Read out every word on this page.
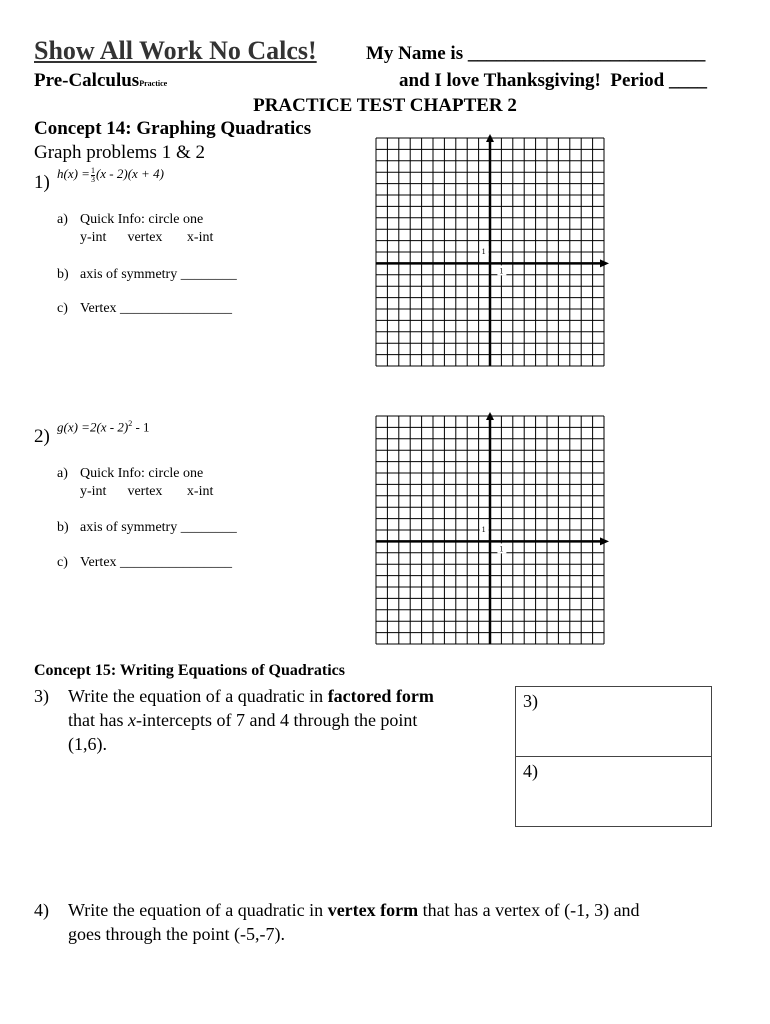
Show All Work No Calcs!	My Name is _________________________
Pre-CalculusPractice	and I love Thanksgiving! Period ____
PRACTICE TEST CHAPTER 2
Concept 14: Graphing Quadratics
Graph problems 1 & 2
1) $h(x) = \frac{1}{3} (x - 2)(x + 4)$
a) Quick Info: circle one
y-int      vertex       x-int
b) axis of symmetry ________
c) Vertex ________________
1
1
2) g(x) =2(x - 2)$^2$ - 1
a) Quick Info: circle one
y-int      vertex       x-int
b) axis of symmetry ________
c) Vertex ________________
1
1
Concept 15: Writing Equations of Quadratics
3) Write the equation of a quadratic in factored form
that has x-intercepts of 7 and 4 through the point
(1,6).
3)
4)
4) Write the equation of a quadratic in vertex form that has a vertex of (-1, 3) and
goes through the point (-5,-7).
